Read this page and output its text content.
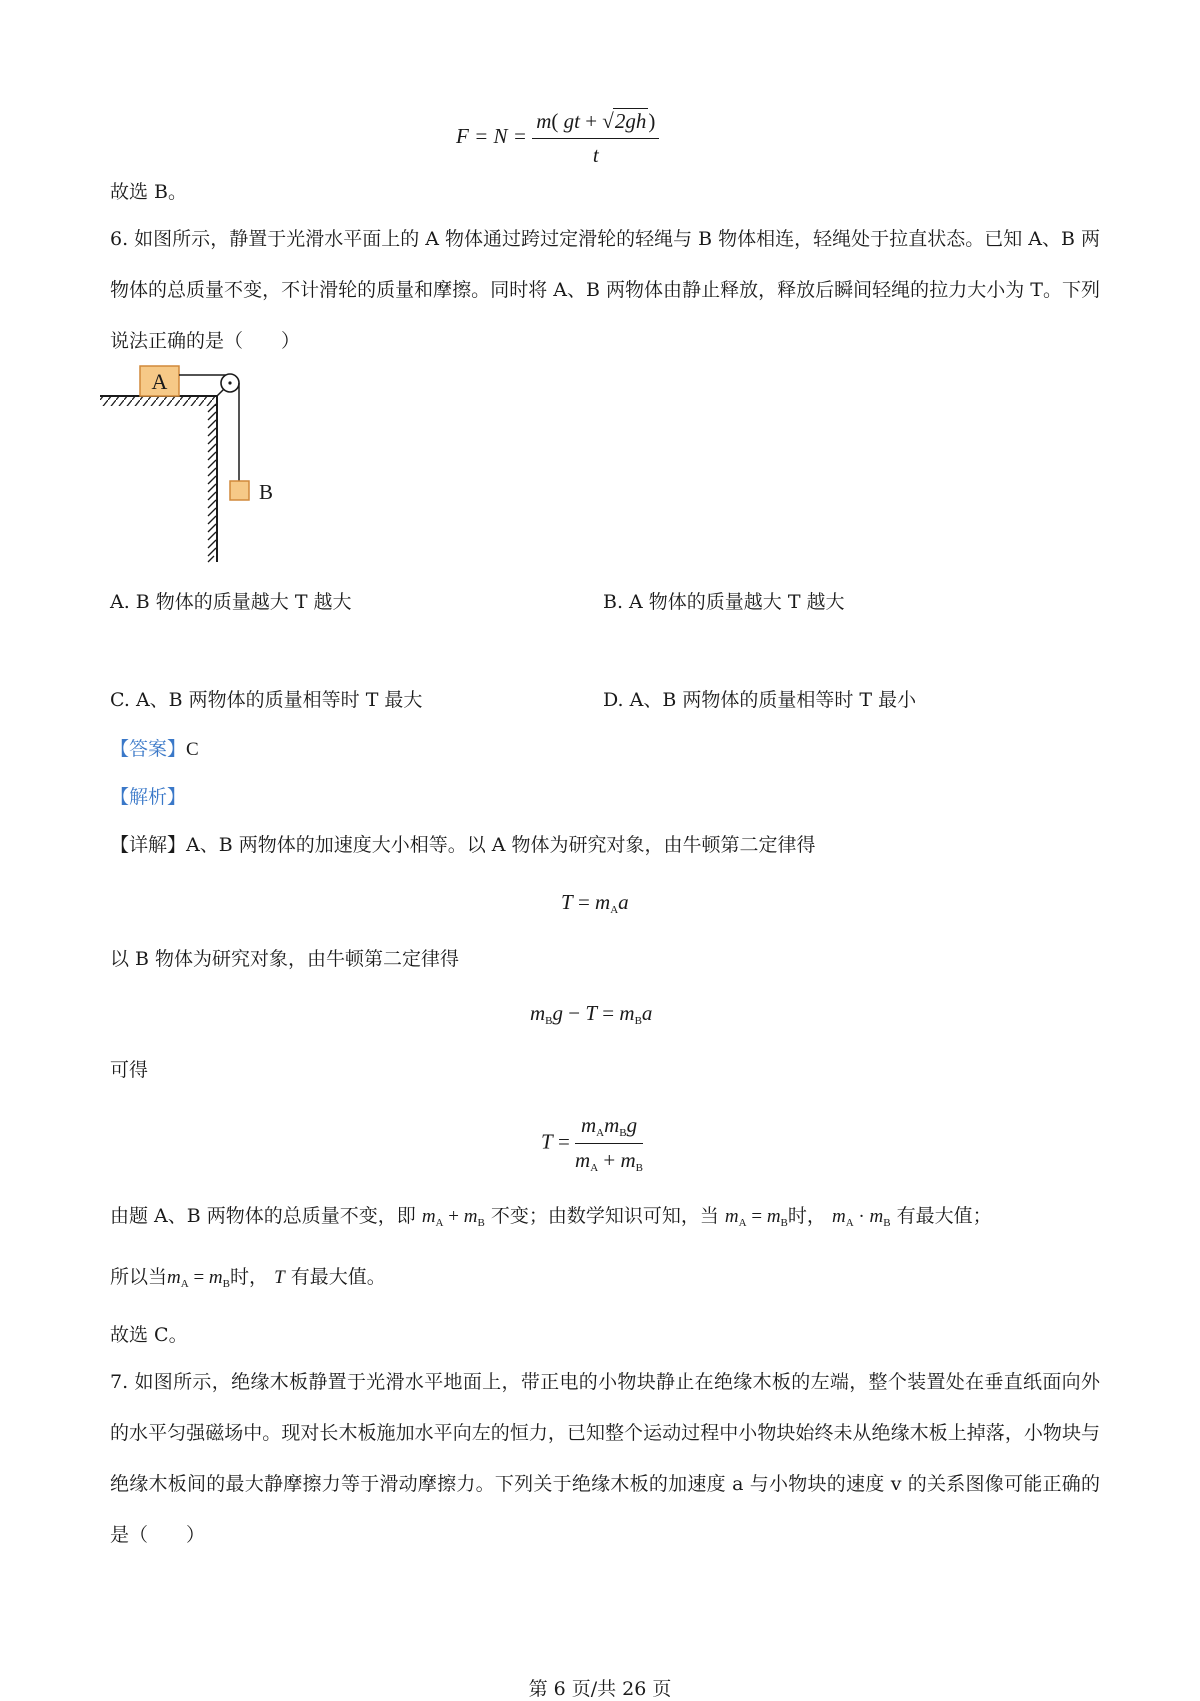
$F = N = \frac{m( gt + √2gh)}{t}$
故选 B。
6. 如图所示，静置于光滑水平面上的 A 物体通过跨过定滑轮的轻绳与 B 物体相连，轻绳处于拉直状态。已知 A、B 两物体的总质量不变，不计滑轮的质量和摩擦。同时将 A、B 两物体由静止释放，释放后瞬间轻绳的拉力大小为 T。下列说法正确的是（　　）
A
B
A. B 物体的质量越大 T 越大	B. A 物体的质量越大 T 越大
C. A、B 两物体的质量相等时 T 最大	D. A、B 两物体的质量相等时 T 最小
【答案】C
【解析】
【详解】A、B 两物体的加速度大小相等。以 A 物体为研究对象，由牛顿第二定律得
$T = m_Aa$
以 B 物体为研究对象，由牛顿第二定律得
$m_Bg - T = m_Ba$
可得
$T = \frac{m_Am_Bg}{m_A + m_B}$
由题 A、B 两物体的总质量不变，即 $m_A + m_B$ 不变；由数学知识可知，当 $m_A = m_B$时， $m_A \cdot m_B$ 有最大值；
所以当$m_A = m_B$时， T 有最大值。
故选 C。
7. 如图所示，绝缘木板静置于光滑水平地面上，带正电的小物块静止在绝缘木板的左端，整个装置处在垂直纸面向外的水平匀强磁场中。现对长木板施加水平向左的恒力，已知整个运动过程中小物块始终未从绝缘木板上掉落，小物块与绝缘木板间的最大静摩擦力等于滑动摩擦力。下列关于绝缘木板的加速度 a 与小物块的速度 v 的关系图像可能正确的是（　　）
第 6 页/共 26 页
